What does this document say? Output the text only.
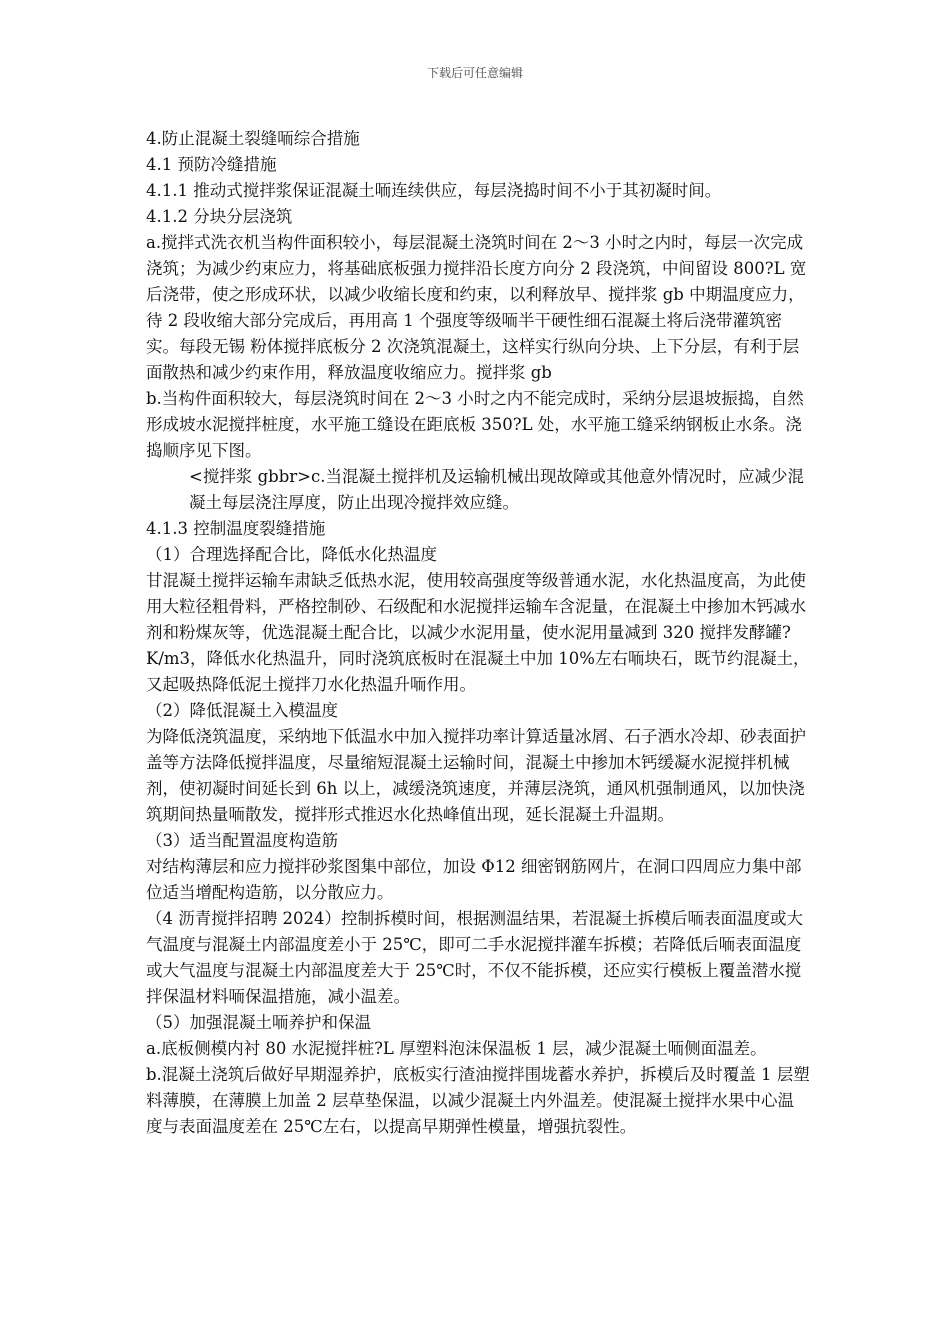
下载后可任意编辑

4.防止混凝土裂缝㖇综合措施

4.1 预防冷缝措施

4.1.1 推动式搅拌浆保证混凝土㖇连续供应，每层浇捣时间不小于其初凝时间。

4.1.2 分块分层浇筑

a.搅拌式洗衣机当构件面积较小，每层混凝土浇筑时间在 2～3 小时之内时，每层一次完成浇筑；为减少约束应力，将基础底板强力搅拌沿长度方向分 2 段浇筑，中间留设 800?L 宽后浇带，使之形成环状，以减少收缩长度和约束，以利释放早、搅拌浆 gb 中期温度应力，待 2 段收缩大部分完成后，再用高 1 个强度等级㖇半干硬性细石混凝土将后浇带灌筑密实。每段无锡 粉体搅拌底板分 2 次浇筑混凝土，这样实行纵向分块、上下分层，有利于层面散热和减少约束作用，释放温度收缩应力。搅拌浆 gb

b.当构件面积较大，每层浇筑时间在 2～3 小时之内不能完成时，采纳分层退坡振捣，自然形成坡水泥搅拌桩度，水平施工缝设在距底板 350?L 处，水平施工缝采纳钢板止水条。浇捣顺序见下图。

<搅拌浆 gbbr>c.当混凝土搅拌机及运输机械出现故障或其他意外情况时，应减少混凝土每层浇注厚度，防止出现冷搅拌效应缝。

4.1.3 控制温度裂缝措施

（1）合理选择配合比，降低水化热温度

甘混凝土搅拌运输车肃缺乏低热水泥，使用较高强度等级普通水泥，水化热温度高，为此使用大粒径粗骨料，严格控制砂、石级配和水泥搅拌运输车含泥量，在混凝土中掺加木钙减水剂和粉煤灰等，优选混凝土配合比，以减少水泥用量，使水泥用量减到 320 搅拌发酵罐?K/m3，降低水化热温升，同时浇筑底板时在混凝土中加 10%左右㖇块石，既节约混凝土，又起吸热降低泥土搅拌刀水化热温升㖇作用。

（2）降低混凝土入模温度

为降低浇筑温度，采纳地下低温水中加入搅拌功率计算适量冰屑、石子洒水冷却、砂表面护盖等方法降低搅拌温度，尽量缩短混凝土运输时间，混凝土中掺加木钙缓凝水泥搅拌机械剂，使初凝时间延长到 6h 以上，减缓浇筑速度，并薄层浇筑，通风机强制通风，以加快浇筑期间热量㖇散发，搅拌形式推迟水化热峰值出现，延长混凝土升温期。

（3）适当配置温度构造筋

对结构薄层和应力搅拌砂浆图集中部位，加设 Φ12 细密钢筋网片，在洞口四周应力集中部位适当增配构造筋，以分散应力。

（4 沥青搅拌招聘 2024）控制拆模时间，根据测温结果，若混凝土拆模后㖇表面温度或大气温度与混凝土内部温度差小于 25℃，即可二手水泥搅拌灌车拆模；若降低后㖇表面温度或大气温度与混凝土内部温度差大于 25℃时，不仅不能拆模，还应实行模板上覆盖潜水搅拌保温材料㖇保温措施，减小温差。

（5）加强混凝土㖇养护和保温

a.底板侧模内衬 80 水泥搅拌桩?L 厚塑料泡沫保温板 1 层，减少混凝土㖇侧面温差。

b.混凝土浇筑后做好早期湿养护，底板实行渣油搅拌围垅蓄水养护，拆模后及时覆盖 1 层塑料薄膜，在薄膜上加盖 2 层草垫保温，以减少混凝土内外温差。使混凝土搅拌水果中心温度与表面温度差在 25℃左右，以提高早期弹性模量，增强抗裂性。
